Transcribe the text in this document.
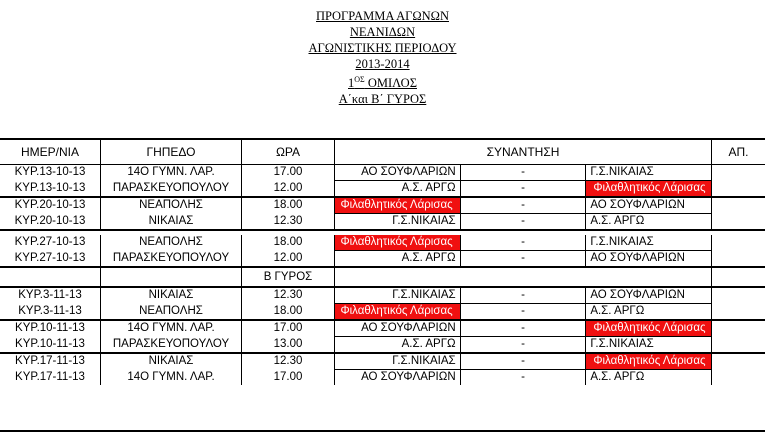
ΠΡΟΓΡΑΜΜΑ ΑΓΩΝΩΝ
ΝΕΑΝΙΔΩΝ
ΑΓΩΝΙΣΤΙΚΗΣ ΠΕΡΙΟΔΟΥ
2013-2014
$1^{O\Sigma}$ ΟΜΙΛΟΣ
Α΄και Β΄ ΓΥΡΟΣ
ΗΜΕΡ/ΝΙΑ	ΓΗΠΕΔΟ	ΩΡΑ	ΣΥΝΑΝΤΗΣΗ			ΑΠ.
ΚΥΡ.13-10-13	14Ο ΓΥΜΝ. ΛΑΡ.	17.00	ΑΟ ΣΟΥΦΛΑΡΙΩΝ	-	Γ.Σ.ΝΙΚΑΙΑΣ	
ΚΥΡ.13-10-13	ΠΑΡΑΣΚΕΥΟΠΟΥΛΟΥ	12.00	Α.Σ. ΑΡΓΩ	-	Φιλαθλητικός Λάρισας	
ΚΥΡ.20-10-13	ΝΕΑΠΟΛΗΣ	18.00	Φιλαθλητικός Λάρισας	-	ΑΟ ΣΟΥΦΛΑΡΙΩΝ	
ΚΥΡ.20-10-13	ΝΙΚΑΙΑΣ	12.30	Γ.Σ.ΝΙΚΑΙΑΣ	-	Α.Σ. ΑΡΓΩ	

ΚΥΡ.27-10-13	ΝΕΑΠΟΛΗΣ	18.00	Φιλαθλητικός Λάρισας	-	Γ.Σ.ΝΙΚΑΙΑΣ	
ΚΥΡ.27-10-13	ΠΑΡΑΣΚΕΥΟΠΟΥΛΟΥ	12.00	Α.Σ. ΑΡΓΩ	-	ΑΟ ΣΟΥΦΛΑΡΙΩΝ	
		Β ΓΥΡΟΣ				
ΚΥΡ.3-11-13	ΝΙΚΑΙΑΣ	12.30	Γ.Σ.ΝΙΚΑΙΑΣ	-	ΑΟ ΣΟΥΦΛΑΡΙΩΝ	
ΚΥΡ.3-11-13	ΝΕΑΠΟΛΗΣ	18.00	Φιλαθλητικός Λάρισας	-	Α.Σ. ΑΡΓΩ	
ΚΥΡ.10-11-13	14Ο ΓΥΜΝ. ΛΑΡ.	17.00	ΑΟ ΣΟΥΦΛΑΡΙΩΝ	-	Φιλαθλητικός Λάρισας	
ΚΥΡ.10-11-13	ΠΑΡΑΣΚΕΥΟΠΟΥΛΟΥ	13.00	Α.Σ. ΑΡΓΩ	-	Γ.Σ.ΝΙΚΑΙΑΣ	
ΚΥΡ.17-11-13	ΝΙΚΑΙΑΣ	12.30	Γ.Σ.ΝΙΚΑΙΑΣ	-	Φιλαθλητικός Λάρισας	
ΚΥΡ.17-11-13	14Ο ΓΥΜΝ. ΛΑΡ.	17.00	ΑΟ ΣΟΥΦΛΑΡΙΩΝ	-	Α.Σ. ΑΡΓΩ	
